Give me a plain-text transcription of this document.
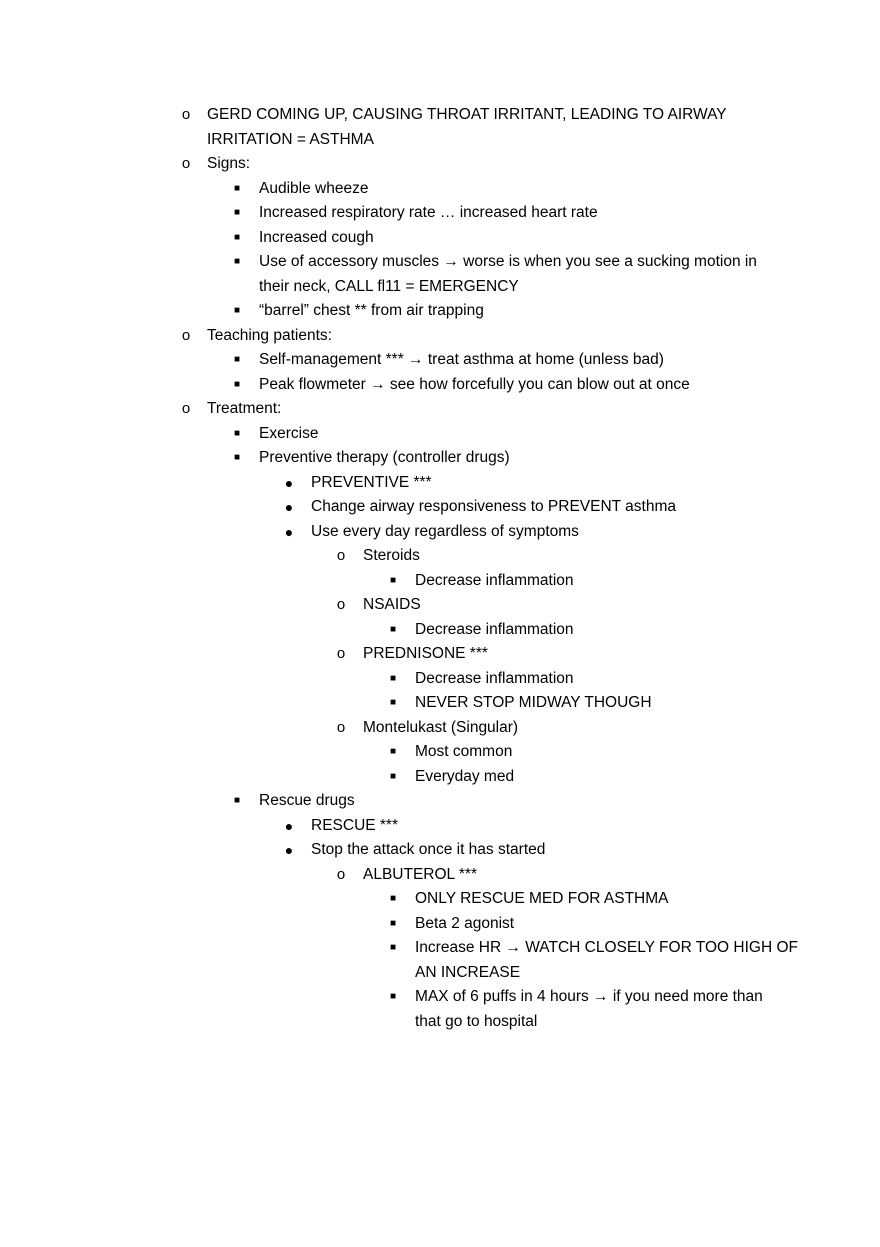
o GERD COMING UP, CAUSING THROAT IRRITANT, LEADING TO AIRWAY
IRRITATION = ASTHMA
o Signs:
■	Audible wheeze
■	Increased respiratory rate … increased heart rate
■	Increased cough
■	Use of accessory muscles → worse is when you see a sucking motion in
their neck, CALL fl11 = EMERGENCY
■	“barrel” chest ** from air trapping
o Teaching patients:
■	Self-management *** → treat asthma at home (unless bad)
■	Peak flowmeter → see how forcefully you can blow out at once
o Treatment:
■	Exercise
■	Preventive therapy (controller drugs)
● PREVENTIVE ***
● Change airway responsiveness to PREVENT asthma
● Use every day regardless of symptoms
o Steroids
■	Decrease inflammation
o NSAIDS
■	Decrease inflammation
o PREDNISONE ***
■	Decrease inflammation
■	NEVER STOP MIDWAY THOUGH
o Montelukast (Singular)
■	Most common
■	Everyday med
■	Rescue drugs
● RESCUE ***
● Stop the attack once it has started
o ALBUTEROL ***
■	ONLY RESCUE MED FOR ASTHMA
■	Beta 2 agonist
■	Increase HR → WATCH CLOSELY FOR TOO HIGH OF
AN INCREASE
■	MAX of 6 puffs in 4 hours → if you need more than
that go to hospital
